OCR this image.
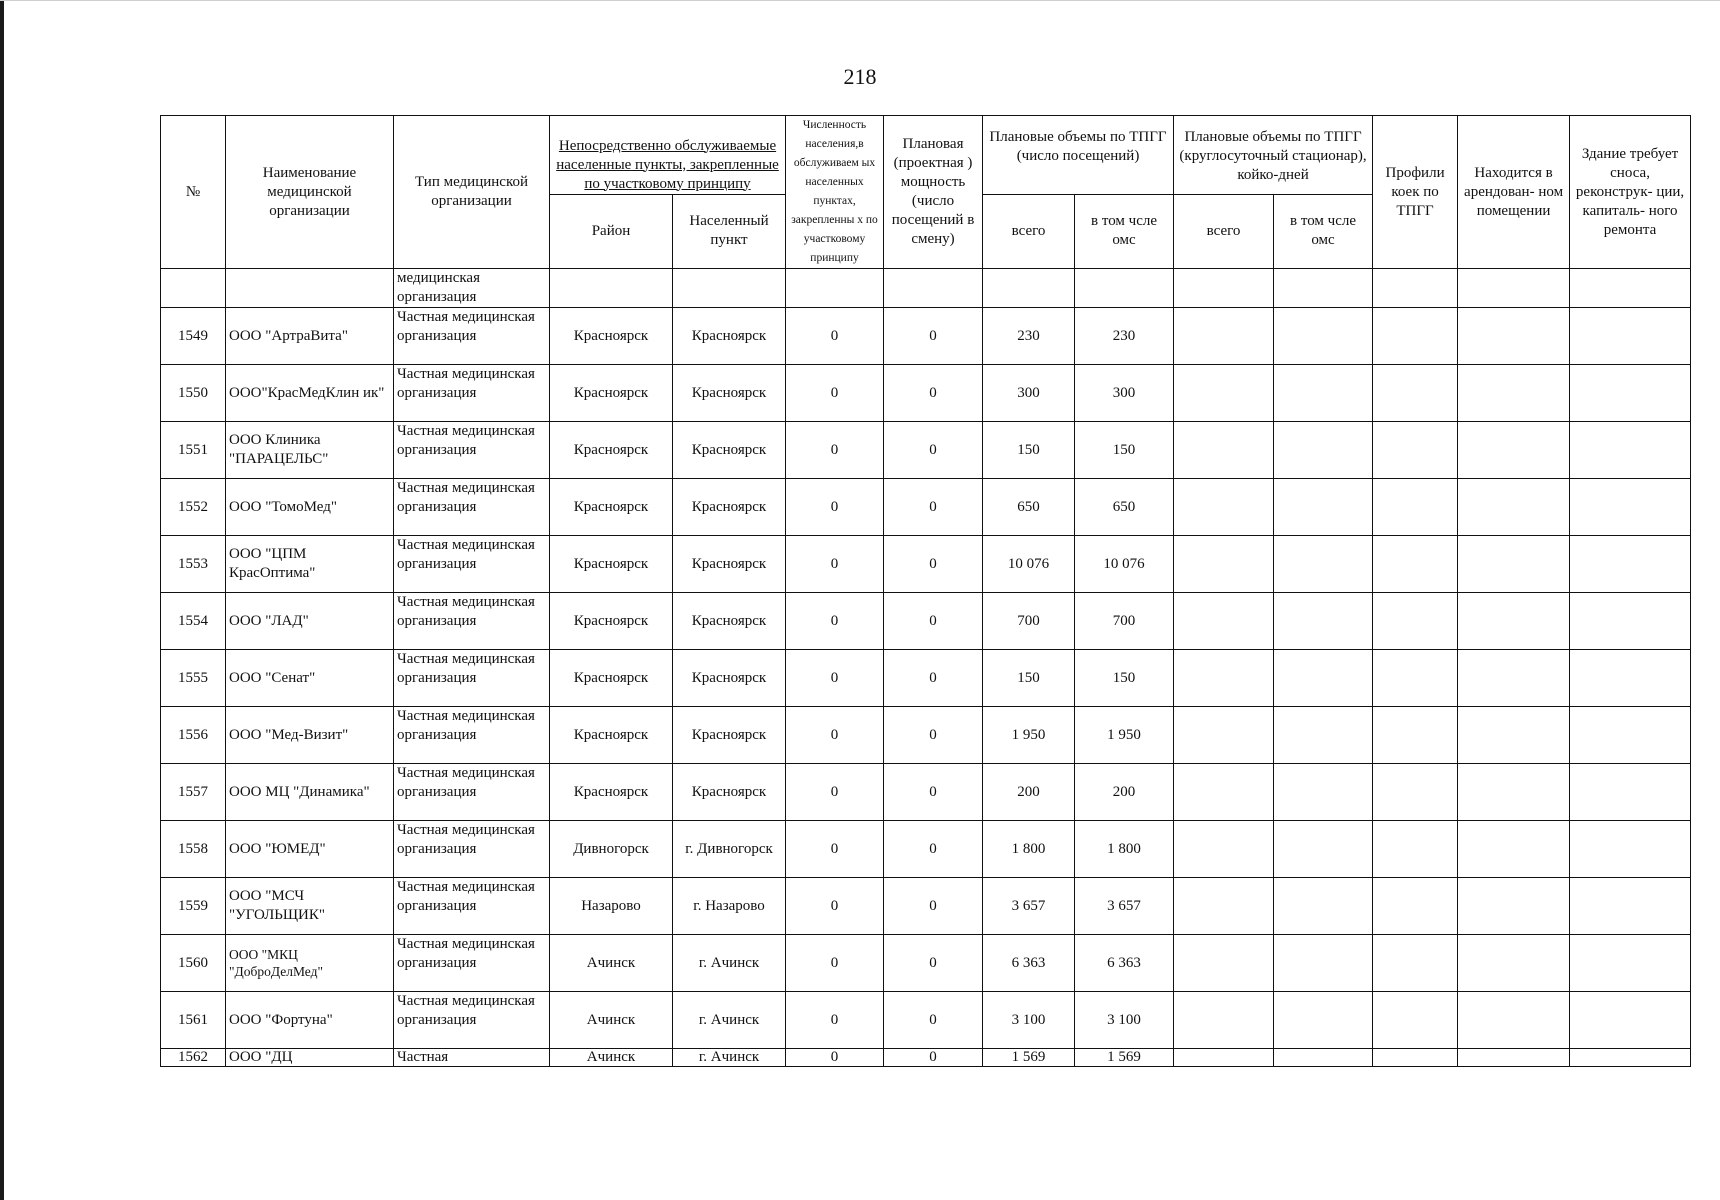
218
№	Наименование медицинской организации	Тип медицинской организации	Непосредственно обслуживаемые населенные пункты, закрепленные по участковому принципу		Численность населения,в обслуживаем ых населенных пунктах, закрепленны х по участковому принципу	Плановая (проектная ) мощность (число посещений в смену)	Плановые объемы по ТПГГ (число посещений)		Плановые объемы по ТПГГ (круглосуточный стационар), койко-дней		Профили коек по ТПГГ	Находится в арендован- ном помещении	Здание требует сноса, реконструк- ции, капиталь- ного ремонта
			Район	Населенный пункт			всего	в том чсле омс	всего	в том чсле омс			
		медицинская организация											
1549	ООО "АртраВита"	Частная медицинская организация	Красноярск	Красноярск	0	0	230	230					
1550	ООО"КрасМедКлин ик"	Частная медицинская организация	Красноярск	Красноярск	0	0	300	300					
1551	ООО Клиника "ПАРАЦЕЛЬС"	Частная медицинская организация	Красноярск	Красноярск	0	0	150	150					
1552	ООО "ТомоМед"	Частная медицинская организация	Красноярск	Красноярск	0	0	650	650					
1553	ООО "ЦПМ КрасОптима"	Частная медицинская организация	Красноярск	Красноярск	0	0	10 076	10 076					
1554	ООО "ЛАД"	Частная медицинская организация	Красноярск	Красноярск	0	0	700	700					
1555	ООО "Сенат"	Частная медицинская организация	Красноярск	Красноярск	0	0	150	150					
1556	ООО "Мед-Визит"	Частная медицинская организация	Красноярск	Красноярск	0	0	1 950	1 950					
1557	ООО МЦ "Динамика"	Частная медицинская организация	Красноярск	Красноярск	0	0	200	200					
1558	ООО "ЮМЕД"	Частная медицинская организация	Дивногорск	г. Дивногорск	0	0	1 800	1 800					
1559	ООО "МСЧ "УГОЛЬЩИК"	Частная медицинская организация	Назарово	г. Назарово	0	0	3 657	3 657					
1560	ООО "МКЦ "ДоброДелМед"	Частная медицинская организация	Ачинск	г. Ачинск	0	0	6 363	6 363					
1561	ООО "Фортуна"	Частная медицинская организация	Ачинск	г. Ачинск	0	0	3 100	3 100					
1562	ООО "ДЦ	Частная	Ачинск	г. Ачинск	0	0	1 569	1 569					
